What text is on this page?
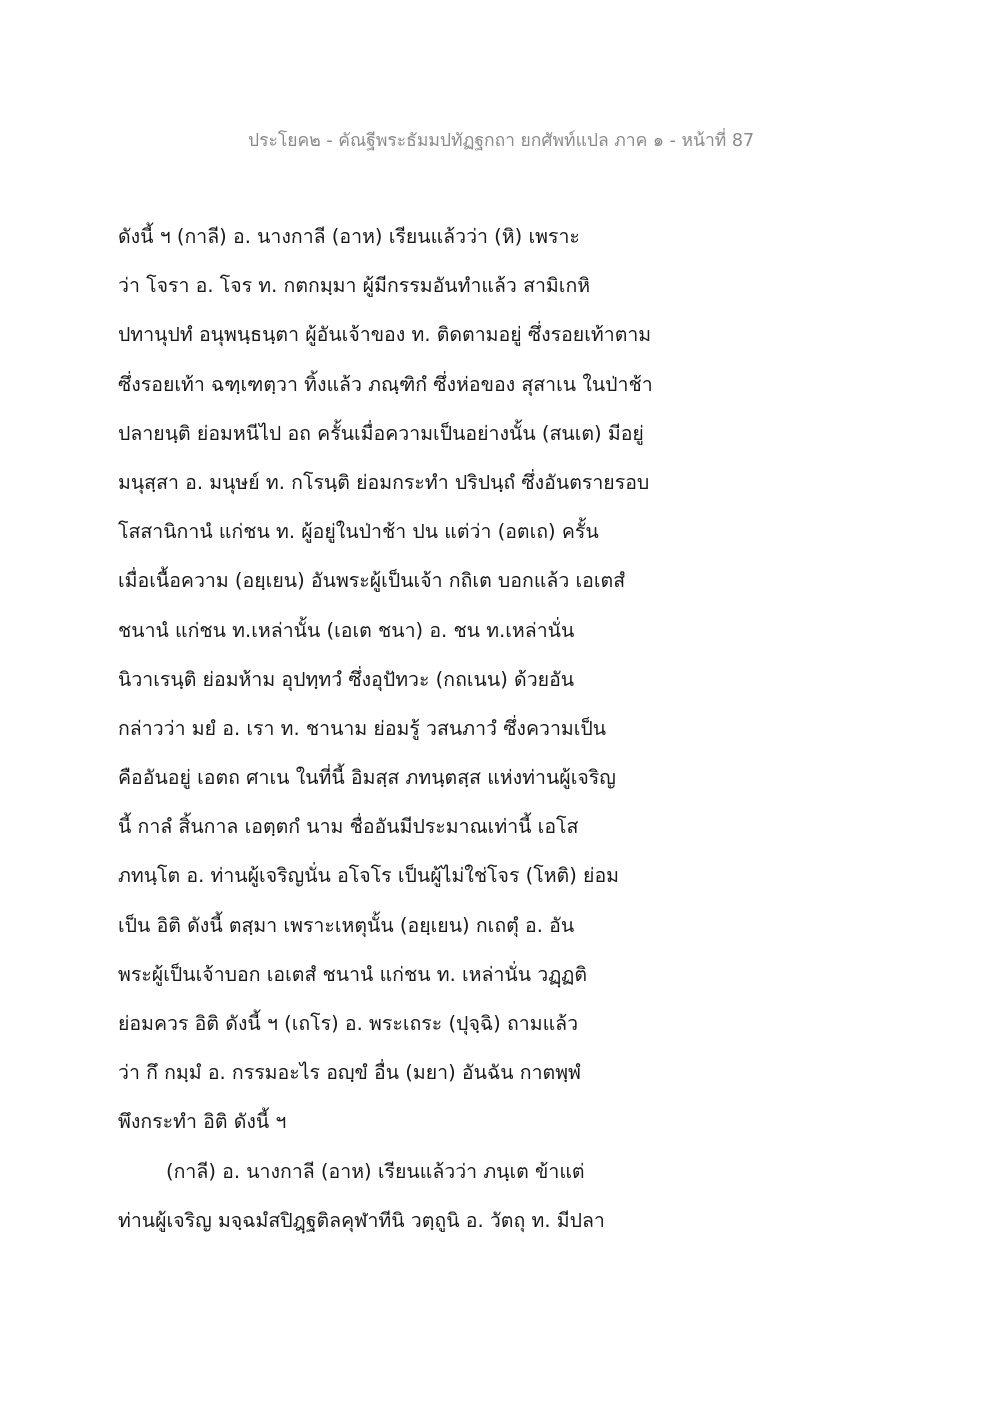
ประโยค๒ - คัณฐีพระธัมมปทัฏฐกถา ยกศัพท์แปล ภาค ๑ - หน้าที่ 87
ดังนี้ ฯ (กาลี) อ. นางกาลี (อาห) เรียนแล้วว่า (หิ) เพราะ
ว่า โจรา อ. โจร ท. กตกมฺมา ผู้มีกรรมอันทำแล้ว สามิเกหิ
ปทานุปทํ อนุพนฺธนฺตา ผู้อันเจ้าของ ท. ติดตามอยู่ ซึ่งรอยเท้าตาม
ซึ่งรอยเท้า ฉฑฺเฑตฺวา ทิ้งแล้ว ภณฺฑิกํ ซึ่งห่อของ สุสาเน ในป่าช้า
ปลายนฺติ ย่อมหนีไป อถ ครั้นเมื่อความเป็นอย่างนั้น (สนเต) มีอยู่
มนุสฺสา อ. มนุษย์ ท. กโรนฺติ ย่อมกระทำ ปริปนฺถํ ซึ่งอันตรายรอบ
โสสานิกานํ แก่ชน ท. ผู้อยู่ในป่าช้า ปน แต่ว่า (อตเถ) ครั้น
เมื่อเนื้อความ (อยฺเยน) อันพระผู้เป็นเจ้า กถิเต บอกแล้ว เอเตสํ
ชนานํ แก่ชน ท.เหล่านั้น (เอเต ชนา) อ. ชน ท.เหล่านั่น
นิวาเรนฺติ ย่อมห้าม อุปทฺทวํ ซึ่งอุปัทวะ (กถเนน) ด้วยอัน
กล่าวว่า มยํ อ. เรา ท. ชานาม ย่อมรู้ วสนภาวํ ซึ่งความเป็น
คืออันอยู่ เอตถ ศาเน ในที่นี้ อิมสฺส ภทนฺตสฺส แห่งท่านผู้เจริญ
นี้ กาลํ สิ้นกาล เอตฺตกํ นาม ชื่ออันมีประมาณเท่านี้ เอโส
ภทนฺโต อ. ท่านผู้เจริญนั่น อโจโร เป็นผู้ไม่ใช่โจร (โหติ) ย่อม
เป็น อิติ ดังนี้ ตสฺมา เพราะเหตุนั้น (อยฺเยน) กเถตุํ อ. อัน
พระผู้เป็นเจ้าบอก เอเตสํ ชนานํ แก่ชน ท. เหล่านั่น วฏฺฏติ
ย่อมควร อิติ ดังนี้ ฯ (เถโร) อ. พระเถระ (ปุจฺฉิ) ถามแล้ว
ว่า กึ กมฺมํ อ. กรรมอะไร อญฺขํ อื่น (มยา) อันฉัน กาตพฺพํ
พึงกระทำ อิติ ดังนี้ ฯ
(กาลี) อ. นางกาลี (อาห) เรียนแล้วว่า ภนฺเต ข้าแต่
ท่านผู้เจริญ มจฺฉมํสปิฎฺฐติลคุฬาทีนิ วตฺถูนิ อ. วัตถุ ท. มีปลา
